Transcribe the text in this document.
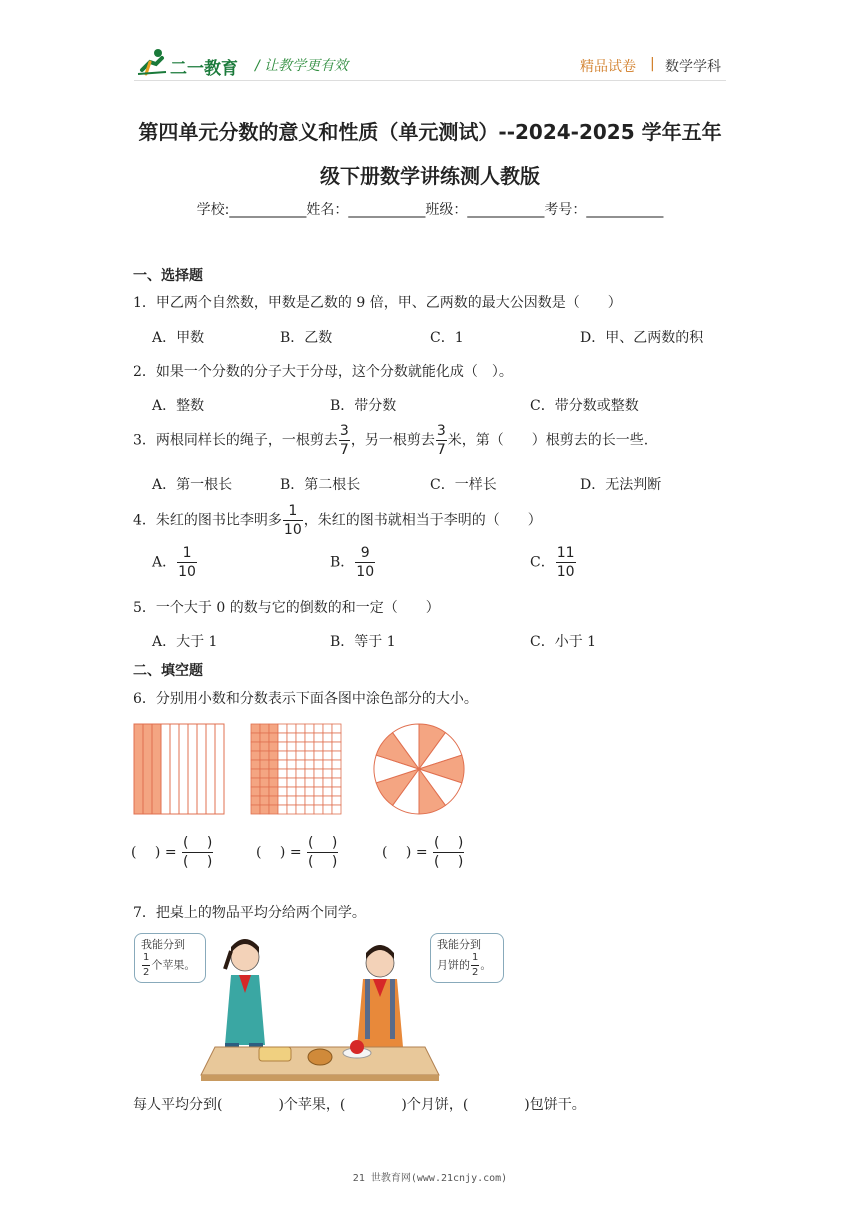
二一教育 / 让教学更有效	精品试卷 | 数学学科
第四单元分数的意义和性质（单元测试）--2024-2025 学年五年
级下册数学讲练测人教版
学校:___________姓名：___________班级：___________考号：___________
一、选择题
1．甲乙两个自然数，甲数是乙数的 9 倍，甲、乙两数的最大公因数是（　　）
A．甲数	B．乙数	C．1	D．甲、乙两数的积
2．如果一个分数的分子大于分母，这个分数就能化成（　）。
A．整数	B．带分数	C．带分数或整数
3．两根同样长的绳子，一根剪去 $\frac{3}{7}$ ，另一根剪去 $\frac{3}{7}$ 米，第（　　）根剪去的长一些.
A．第一根长	B．第二根长	C．一样长	D．无法判断
4．朱红的图书比李明多 $\frac{1}{10}$ ，朱红的图书就相当于李明的（　　）
A． $\frac{1}{10}$	B． $\frac{9}{10}$	C． $\frac{11}{10}$
5．一个大于 0 的数与它的倒数的和一定（　　）
A．大于 1	B．等于 1	C．小于 1
二、填空题
6．分别用小数和分数表示下面各图中涂色部分的大小。
(　 ) = $\frac{( )}{( )}$	(　 ) = $\frac{( )}{( )}$	(　 ) = $\frac{( )}{( )}$
7．把桌上的物品平均分给两个同学。
我能分到
$\frac{1}{2}$ 个苹果。
我能分到
月饼的 $\frac{1}{2}$ 。
每人平均分到(　　　　)个苹果，(　　　　)个月饼，(　　　　)包饼干。
21 世教育网(www.21cnjy.com)
